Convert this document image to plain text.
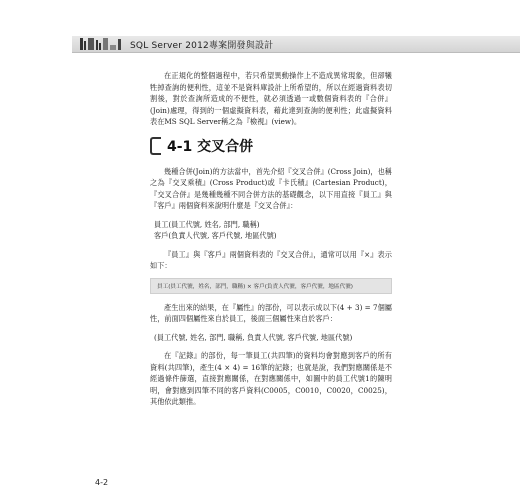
SQL Server 2012專案開發與設計

在正規化的整個過程中，若只希望異動操作上不造成異常現象，但卻犧牲掉查詢的便利性，這並不是資料庫設計上所希望的，所以在經過資料表切割後，對於查詢所造成的不便性，就必須透過一或數個資料表的『合併』(Join)處理，得到的一個虛擬資料表，藉此達到查詢的便利性；此虛擬資料表在MS SQL Server稱之為『檢視』(view)。

4-1 交叉合併

幾種合併(Join)的方法當中，首先介紹『交叉合併』(Cross Join)，也稱之為『交叉乘積』(Cross Product)或『卡氏積』(Cartesian Product)，『交叉合併』是幾種幾種不同合併方法的基礎觀念，以下用直接『員工』與『客戶』兩個資料來說明什麼是『交叉合併』：

員工(員工代號, 姓名, 部門, 職稱)

客戶(負責人代號, 客戶代號, 地區代號)

『員工』與『客戶』兩個資料表的『交叉合併』，通常可以用『×』表示如下：

員工(員工代號，姓名，部門，職稱) × 客戶(負責人代號，客戶代號，地區代號)

產生出來的結果，在『屬性』的部份，可以表示成以下(4 + 3) = 7個屬性，前面四個屬性來自於員工，後面三個屬性來自於客戶：

(員工代號, 姓名, 部門, 職稱, 負責人代號, 客戶代號, 地區代號)

在『記錄』的部份，每一筆員工(共四筆)的資料均會對應到客戶的所有資料(共四筆)，產生(4 × 4) = 16筆的記錄；也就是說，我們對應關係是不經過條件篩選，直接對應關係，在對應關係中，如圖中的員工代號1的陳明明，會對應到四筆不同的客戶資料(C0005，C0010，C0020，C0025)，其他依此類推。

4-2
